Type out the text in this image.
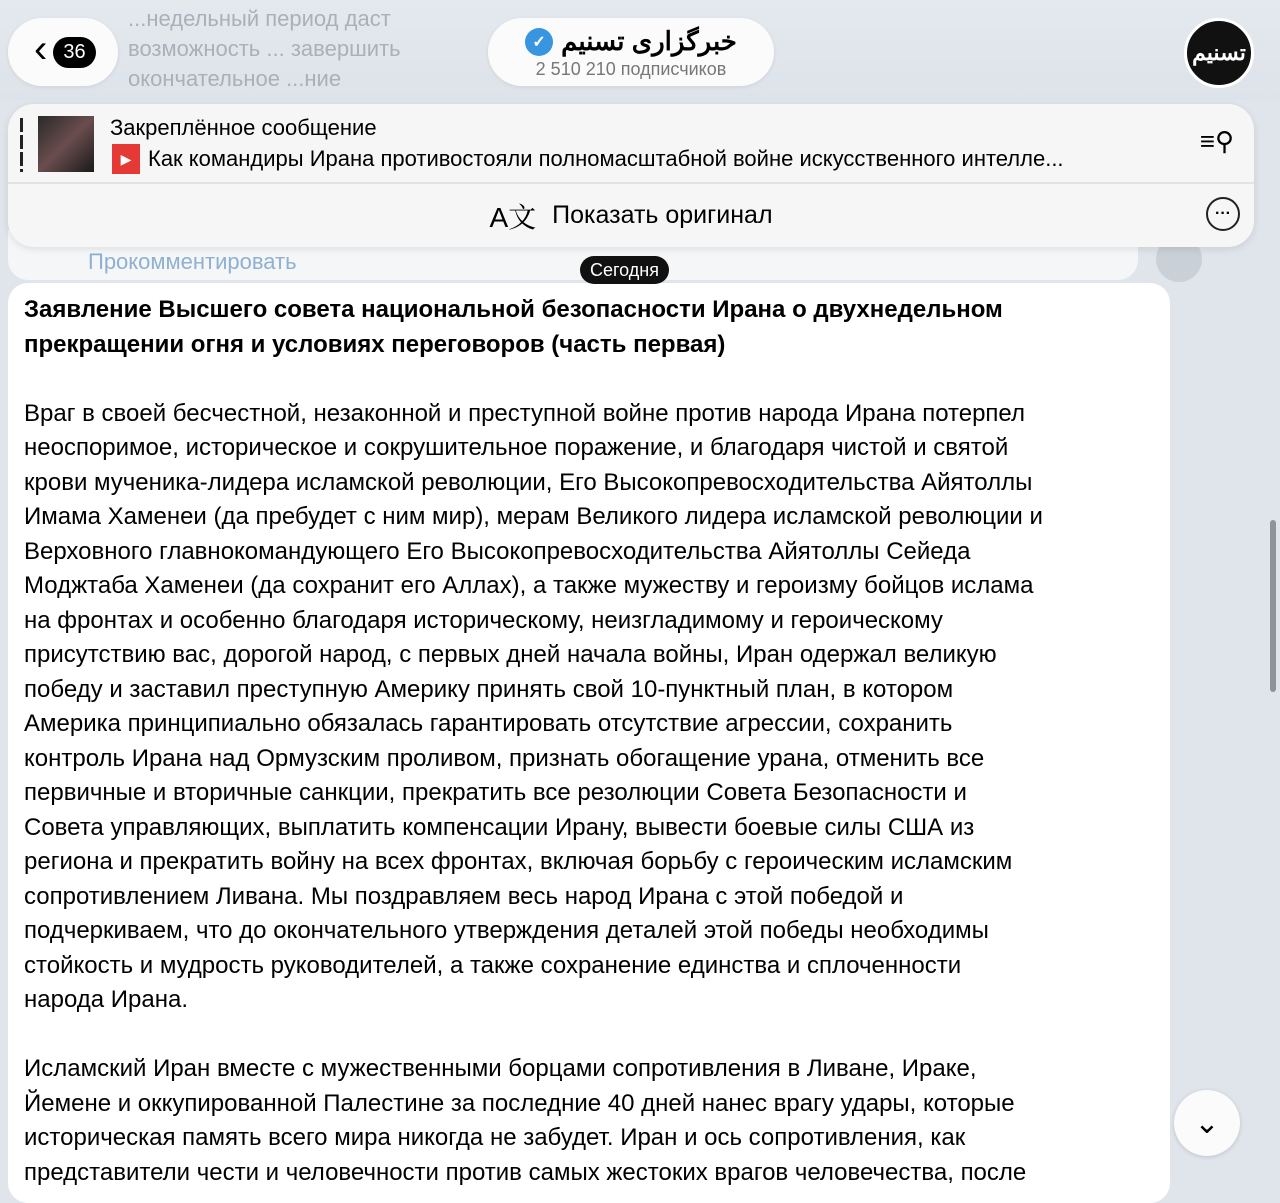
...недельный период даст возможность ... завершить окончательное ...ние
‹ 36	✓ خبرگزاری تسنیم
2 510 210 подписчиков
تسنیم
Прокомментировать
Закреплённое сообщение
▶ Как командиры Ирана противостояли полномасштабной войне искусственного интелле...
≡⚲
A文 Показать оригинал	···
Сегодня
Заявление Высшего совета национальной безопасности Ирана о двухнедельном
прекращении огня и условиях переговоров (часть первая)
Враг в своей бесчестной, незаконной и преступной войне против народа Ирана потерпел
неоспоримое, историческое и сокрушительное поражение, и благодаря чистой и святой
крови мученика-лидера исламской революции, Его Высокопревосходительства Айятоллы
Имама Хаменеи (да пребудет с ним мир), мерам Великого лидера исламской революции и
Верховного главнокомандующего Его Высокопревосходительства Айятоллы Сейеда
Моджтаба Хаменеи (да сохранит его Аллах), а также мужеству и героизму бойцов ислама
на фронтах и особенно благодаря историческому, неизгладимому и героическому
присутствию вас, дорогой народ, с первых дней начала войны, Иран одержал великую
победу и заставил преступную Америку принять свой 10-пунктный план, в котором
Америка принципиально обязалась гарантировать отсутствие агрессии, сохранить
контроль Ирана над Ормузским проливом, признать обогащение урана, отменить все
первичные и вторичные санкции, прекратить все резолюции Совета Безопасности и
Совета управляющих, выплатить компенсации Ирану, вывести боевые силы США из
региона и прекратить войну на всех фронтах, включая борьбу с героическим исламским
сопротивлением Ливана. Мы поздравляем весь народ Ирана с этой победой и
подчеркиваем, что до окончательного утверждения деталей этой победы необходимы
стойкость и мудрость руководителей, а также сохранение единства и сплоченности
народа Ирана.
Исламский Иран вместе с мужественными борцами сопротивления в Ливане, Ираке,
Йемене и оккупированной Палестине за последние 40 дней нанес врагу удары, которые
историческая память всего мира никогда не забудет. Иран и ось сопротивления, как
представители чести и человечности против самых жестоких врагов человечества, после
⌄
